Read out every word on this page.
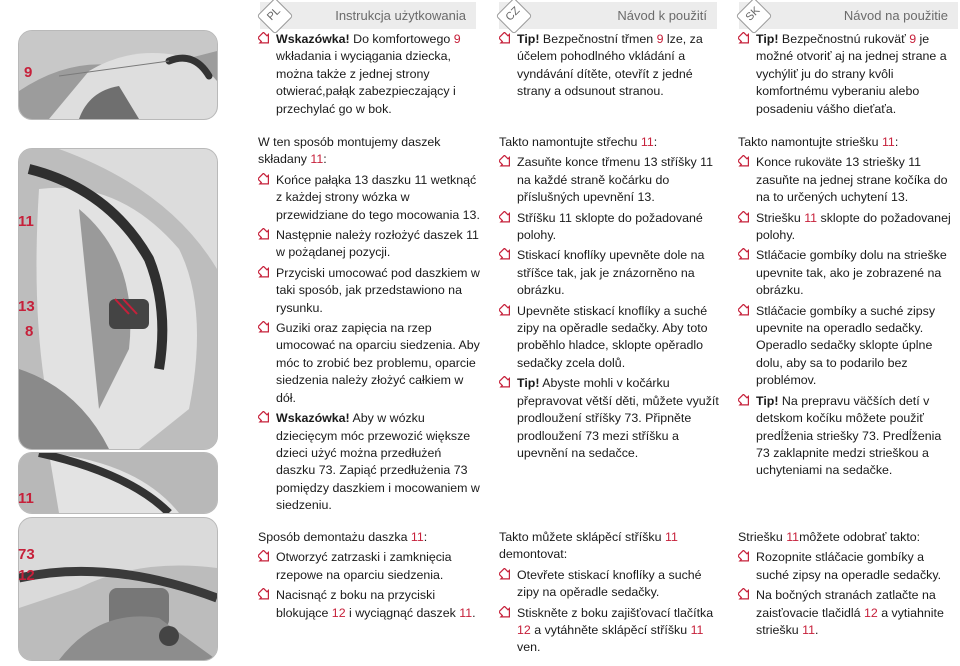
PL	Instrukcja użytkowania	CZ	Návod k použití	SK	Návod na použitie
9
11
13
8
11
73
12
Wskazówka! Do komfortowego 9 wkładania i wyciągania dziecka, można także z jednej strony otwierać,pałąk zabezpieczający i przechylać go w bok.
Tip! Bezpečnostní třmen 9 lze, za účelem pohodlného vkládání a vyndávání dítěte, otevřít z jedné strany a odsunout stranou.
Tip! Bezpečnostnú rukoväť 9 je možné otvoriť aj na jednej strane a vychýliť ju do strany kvôli komfortnému vyberaniu alebo posadeniu vášho dieťaťa.
W ten sposób montujemy daszek składany 11:
Końce pałąka 13 daszku 11 wetknąć z każdej strony wózka w przewidziane do tego mocowania 13.
Następnie należy rozłożyć daszek 11 w pożądanej pozycji.
Przyciski umocować pod daszkiem w taki sposób, jak przedstawiono na rysunku.
Guziki oraz zapięcia na rzep umocować na oparciu siedzenia. Aby móc to zrobić bez problemu, oparcie siedzenia należy złożyć całkiem w dół.
Wskazówka! Aby w wózku dziecięcym móc przewozić większe dzieci użyć można przedłużeń daszku 73. Zapiąć przedłużenia 73 pomiędzy daszkiem i mocowaniem w siedzeniu.
Takto namontujte střechu 11:
Zasuňte konce třmenu 13 stříšky 11 na každé straně kočárku do příslušných upevnění 13.
Stříšku 11 sklopte do požadované polohy.
Stiskací knoflíky upevněte dole na stříšce tak, jak je znázorněno na obrázku.
Upevněte stiskací knoflíky a suché zipy na opěradle sedačky. Aby toto proběhlo hladce, sklopte opěradlo sedačky zcela dolů.
Tip! Abyste mohli v kočárku přepravovat větší děti, můžete využít prodloužení stříšky 73. Připněte prodloužení 73 mezi stříšku a upevnění na sedačce.
Takto namontujte striešku 11:
Konce rukoväte 13 striešky 11 zasuňte na jednej strane kočíka do na to určených uchytení 13.
Striešku 11 sklopte do požadovanej polohy.
Stláčacie gombíky dolu na strieške upevnite tak, ako je zobrazené na obrázku.
Stláčacie gombíky a suché zipsy upevnite na operadlo sedačky. Operadlo sedačky sklopte úplne dolu, aby sa to podarilo bez problémov.
Tip! Na prepravu väčších detí v detskom kočíku môžete použiť predĺženia striešky 73. Predĺženia 73 zaklapnite medzi strieškou a uchyteniami na sedačke.
Sposób demontażu daszka 11:
Otworzyć zatrzaski i zamknięcia rzepowe na oparciu siedzenia.
Nacisnąć z boku na przyciski blokujące 12 i wyciągnąć daszek 11.
Takto můžete sklápěcí stříšku 11 demontovat:
Otevřete stiskací knoflíky a suché zipy na opěradle sedačky.
Stiskněte z boku zajišťovací tlačítka 12 a vytáhněte sklápěcí stříšku 11 ven.
Striešku 11môžete odobrať takto:
Rozopnite stláčacie gombíky a suché zipsy na operadle sedačky.
Na bočných stranách zatlačte na zaisťovacie tlačidlá 12 a vytiahnite striešku 11.
